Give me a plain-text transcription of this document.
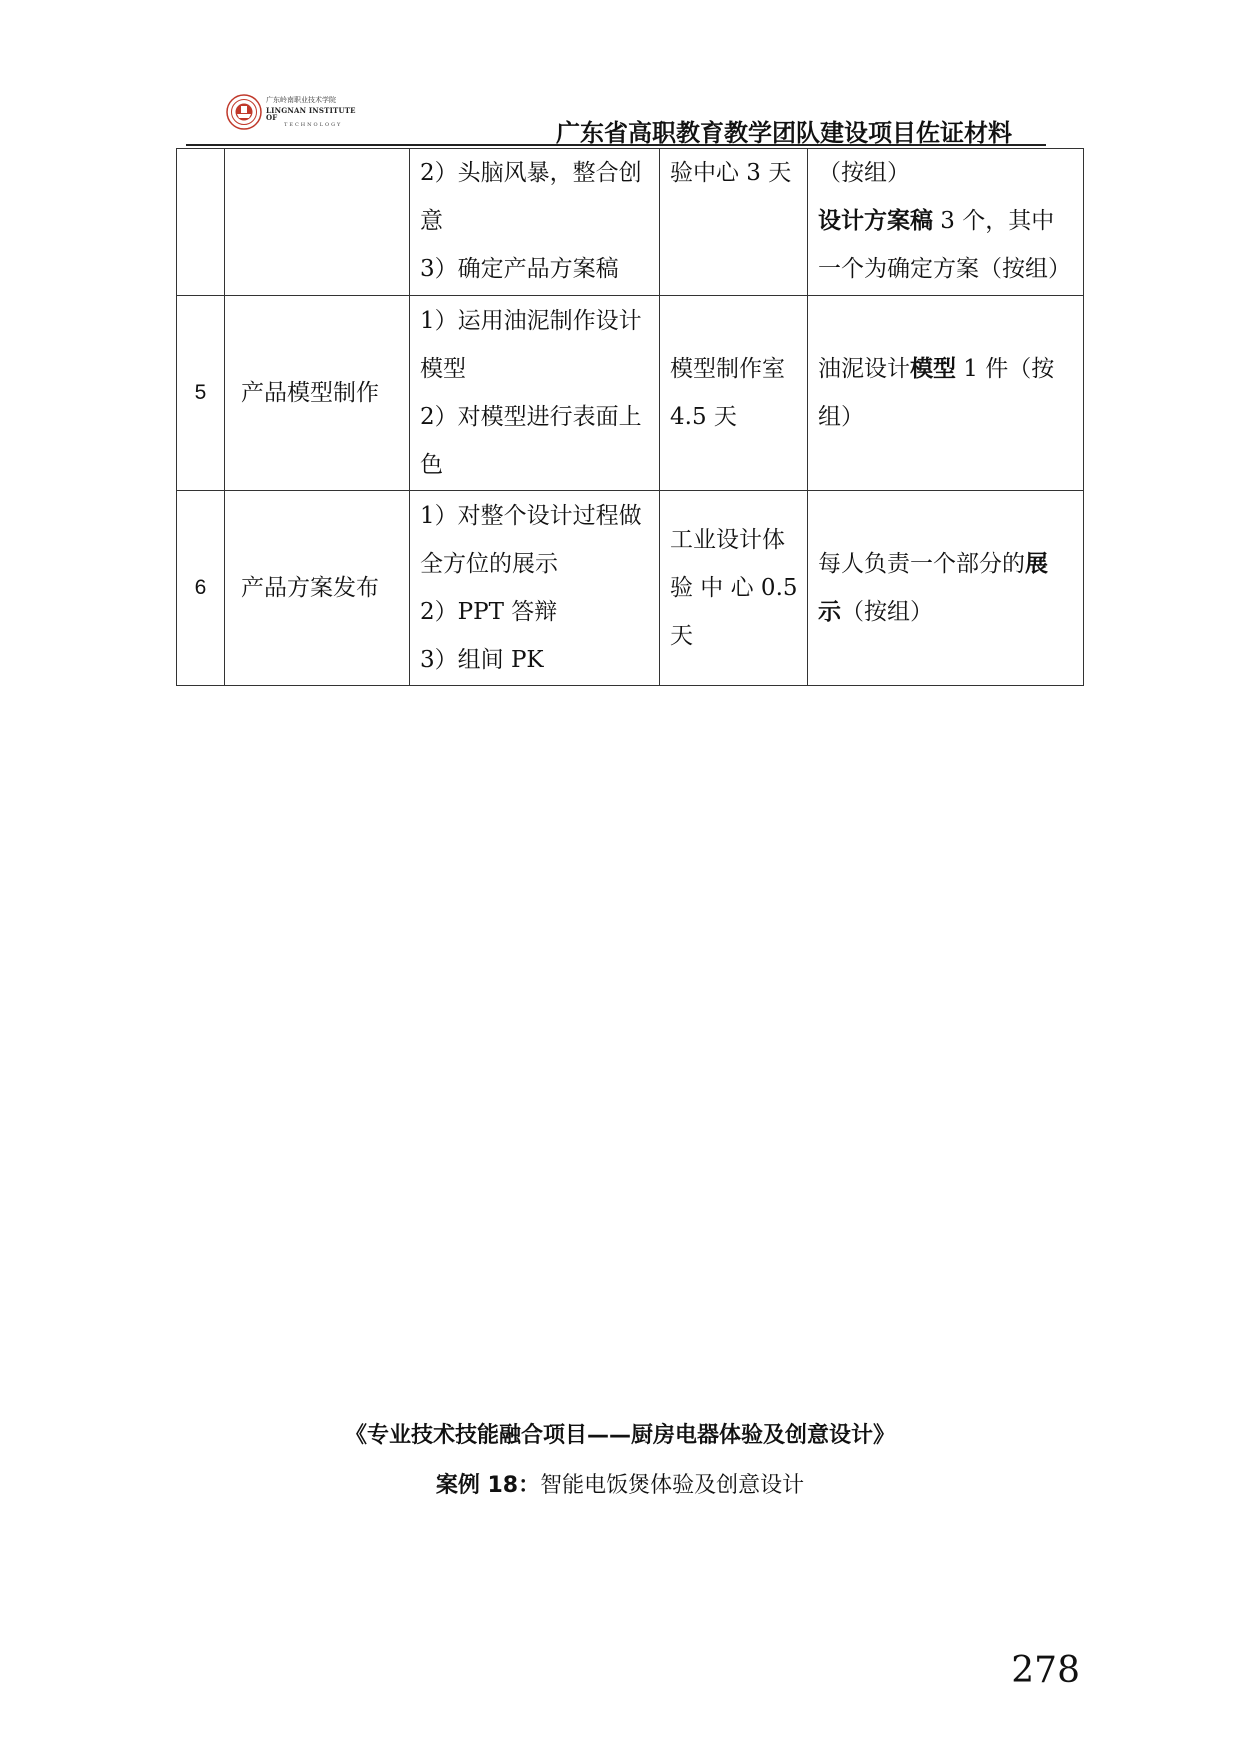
广东岭南职业技术学院
LINGNAN INSTITUTE OF
TECHNOLOGY	广东省高职教育教学团队建设项目佐证材料

		2）头脑风暴，整合创
意
3）确定产品方案稿	验中心 3 天	（按组）
设计方案稿 3 个，其中
一个为确定方案（按组）

5	产品模型制作	1）运用油泥制作设计
模型
2）对模型进行表面上
色	模型制作室
4.5 天	油泥设计模型 1 件（按
组）

6	产品方案发布	1）对整个设计过程做
全方位的展示
2）PPT 答辩
3）组间 PK	工业设计体
验 中 心 0.5
天	每人负责一个部分的展
示（按组）
《专业技术技能融合项目——厨房电器体验及创意设计》
案例 18：智能电饭煲体验及创意设计
278
